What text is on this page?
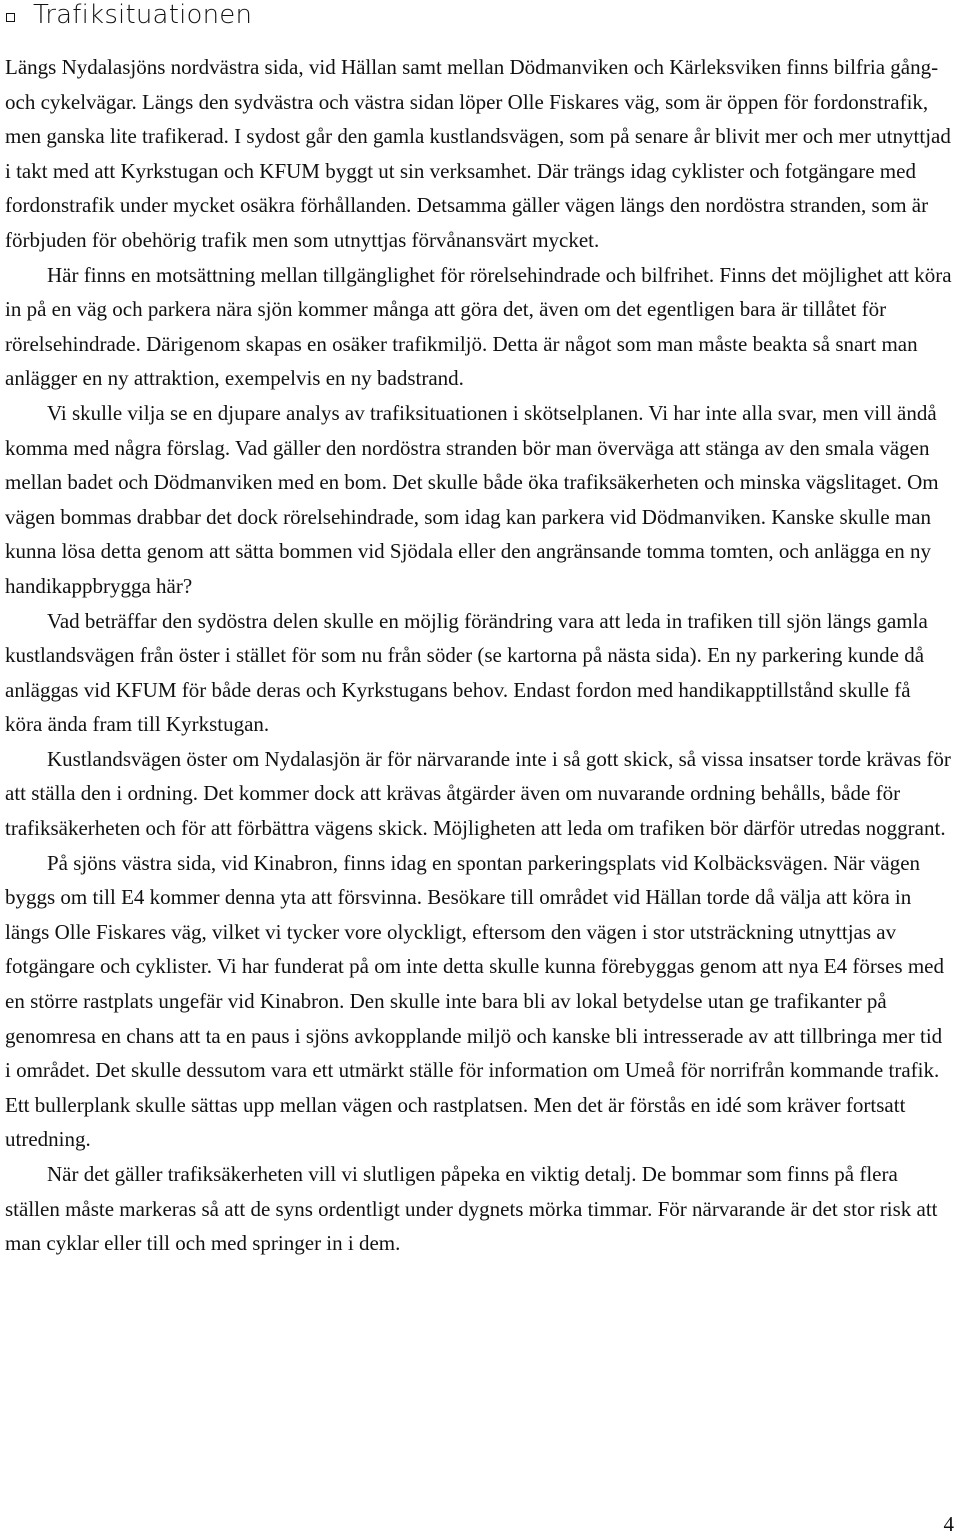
Trafiksituationen

Längs Nydalasjöns nordvästra sida, vid Hällan samt mellan Dödmanviken och Kärleksviken finns bilfria gång- och cykelvägar. Längs den sydvästra och västra sidan löper Olle Fiskares väg, som är öppen för fordonstrafik, men ganska lite trafikerad. I sydost går den gamla kustlandsvägen, som på senare år blivit mer och mer utnyttjad i takt med att Kyrkstugan och KFUM byggt ut sin verksamhet. Där trängs idag cyklister och fotgängare med fordonstrafik under mycket osäkra förhållanden. Detsamma gäller vägen längs den nordöstra stranden, som är förbjuden för obehörig trafik men som utnyttjas förvånansvärt mycket.

Här finns en motsättning mellan tillgänglighet för rörelsehindrade och bilfrihet. Finns det möjlighet att köra in på en väg och parkera nära sjön kommer många att göra det, även om det egentligen bara är tillåtet för rörelsehindrade. Därigenom skapas en osäker trafikmiljö. Detta är något som man måste beakta så snart man anlägger en ny attraktion, exempelvis en ny badstrand.

Vi skulle vilja se en djupare analys av trafiksituationen i skötselplanen. Vi har inte alla svar, men vill ändå komma med några förslag. Vad gäller den nordöstra stranden bör man överväga att stänga av den smala vägen mellan badet och Dödmanviken med en bom. Det skulle både öka trafiksäkerheten och minska vägslitaget. Om vägen bommas drabbar det dock rörelsehindrade, som idag kan parkera vid Dödmanviken. Kanske skulle man kunna lösa detta genom att sätta bommen vid Sjödala eller den angränsande tomma tomten, och anlägga en ny handikappbrygga här?

Vad beträffar den sydöstra delen skulle en möjlig förändring vara att leda in trafiken till sjön längs gamla kustlandsvägen från öster i stället för som nu från söder (se kartorna på nästa sida). En ny parkering kunde då anläggas vid KFUM för både deras och Kyrkstugans behov. Endast fordon med handikapptillstånd skulle få köra ända fram till Kyrkstugan.

Kustlandsvägen öster om Nydalasjön är för närvarande inte i så gott skick, så vissa insatser torde krävas för att ställa den i ordning. Det kommer dock att krävas åtgärder även om nuvarande ordning behålls, både för trafiksäkerheten och för att förbättra vägens skick. Möjligheten att leda om trafiken bör därför utredas noggrant.

På sjöns västra sida, vid Kinabron, finns idag en spontan parkeringsplats vid Kolbäcksvägen. När vägen byggs om till E4 kommer denna yta att försvinna. Besökare till området vid Hällan torde då välja att köra in längs Olle Fiskares väg, vilket vi tycker vore olyckligt, eftersom den vägen i stor utsträckning utnyttjas av fotgängare och cyklister. Vi har funderat på om inte detta skulle kunna förebyggas genom att nya E4 förses med en större rastplats ungefär vid Kinabron. Den skulle inte bara bli av lokal betydelse utan ge trafikanter på genomresa en chans att ta en paus i sjöns avkopplande miljö och kanske bli intresserade av att tillbringa mer tid i området. Det skulle dessutom vara ett utmärkt ställe för information om Umeå för norrifrån kommande trafik. Ett bullerplank skulle sättas upp mellan vägen och rastplatsen. Men det är förstås en idé som kräver fortsatt utredning.

När det gäller trafiksäkerheten vill vi slutligen påpeka en viktig detalj. De bommar som finns på flera ställen måste markeras så att de syns ordentligt under dygnets mörka timmar. För närvarande är det stor risk att man cyklar eller till och med springer in i dem.

4
